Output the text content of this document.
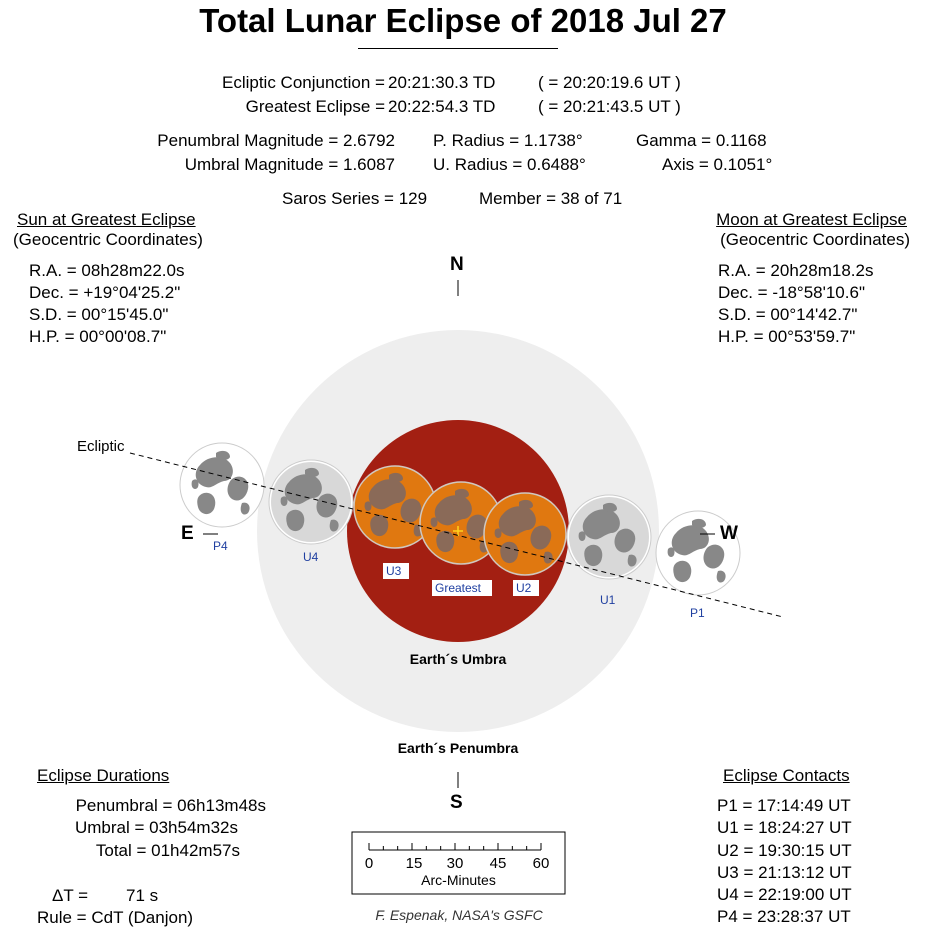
Total Lunar Eclipse of 2018 Jul 27
Ecliptic Conjunction = 20:21:30.3 TD	( = 20:20:19.6 UT )
Greatest Eclipse = 20:22:54.3 TD	( = 20:21:43.5 UT )
Penumbral Magnitude = 2.6792
Umbral Magnitude = 1.6087
P. Radius = 1.1738°
U. Radius = 0.6488°
Gamma = 0.1168
Axis = 0.1051°
Saros Series = 129	Member = 38 of 71
Sun at Greatest Eclipse
(Geocentric Coordinates)
R.A. = 08h28m22.0s
Dec. = +19°04'25.2"
S.D. = 00°15'45.0"
H.P. = 00°00'08.7"
Moon at Greatest Eclipse
(Geocentric Coordinates)
R.A. = 20h28m18.2s
Dec. = -18°58'10.6"
S.D. = 00°14'42.7"
H.P. = 00°53'59.7"
Ecliptic
N
S
E	W
P4
U4
U3
Greatest	U2
U1
P1
Earth´s Umbra
Earth´s Penumbra
0	15 30 45 60
Arc-Minutes
F. Espenak, NASA's GSFC
Eclipse Durations
Penumbral = 06h13m48s
Umbral = 03h54m32s
Total = 01h42m57s
ΔT = 71 s
Rule = CdT (Danjon)
Eclipse Contacts
P1 = 17:14:49 UT
U1 = 18:24:27 UT
U2 = 19:30:15 UT
U3 = 21:13:12 UT
U4 = 22:19:00 UT
P4 = 23:28:37 UT
